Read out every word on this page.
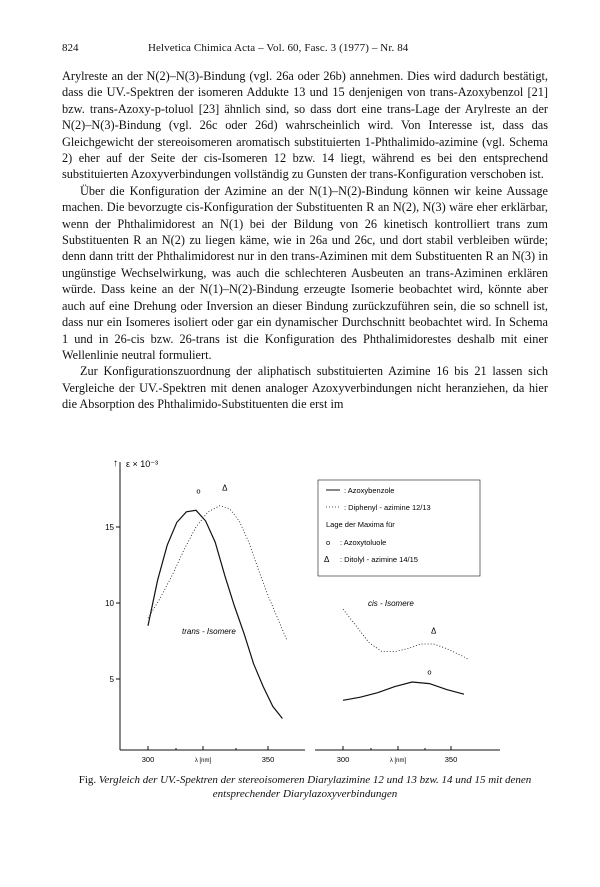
824	Helvetica Chimica Acta – Vol. 60, Fasc. 3 (1977) – Nr. 84

Arylreste an der N(2)–N(3)-Bindung (vgl. 26a oder 26b) annehmen. Dies wird dadurch bestätigt, dass die UV.-Spektren der isomeren Addukte 13 und 15 denjenigen von trans-Azoxybenzol [21] bzw. trans-Azoxy-p-toluol [23] ähnlich sind, so dass dort eine trans-Lage der Arylreste an der N(2)–N(3)-Bindung (vgl. 26c oder 26d) wahrscheinlich wird. Von Interesse ist, dass das Gleichgewicht der stereoisomeren aromatisch substituierten 1-Phthalimido-azimine (vgl. Schema 2) eher auf der Seite der cis-Isomeren 12 bzw. 14 liegt, während es bei den entsprechend substituierten Azoxyverbindungen vollständig zu Gunsten der trans-Konfiguration verschoben ist.

Über die Konfiguration der Azimine an der N(1)–N(2)-Bindung können wir keine Aussage machen. Die bevorzugte cis-Konfiguration der Substituenten R an N(2), N(3) wäre eher erklärbar, wenn der Phthalimidorest an N(1) bei der Bildung von 26 kinetisch kontrolliert trans zum Substituenten R an N(2) zu liegen käme, wie in 26a und 26c, und dort stabil verbleiben würde; denn dann tritt der Phthalimidorest nur in den trans-Aziminen mit dem Substituenten R an N(3) in ungünstige Wechselwirkung, was auch die schlechteren Ausbeuten an trans-Aziminen erklären würde. Dass keine an der N(1)–N(2)-Bindung erzeugte Isomerie beobachtet wird, könnte aber auch auf eine Drehung oder Inversion an dieser Bindung zurückzuführen sein, die so schnell ist, dass nur ein Isomeres isoliert oder gar ein dynamischer Durchschnitt beobachtet wird. In Schema 1 und in 26-cis bzw. 26-trans ist die Konfiguration des Phthalimidorestes deshalb mit einer Wellenlinie neutral formuliert.

Zur Konfigurationszuordnung der aliphatisch substituierten Azimine 16 bis 21 lassen sich Vergleiche der UV.-Spektren mit denen analoger Azoxyverbindungen nicht heranziehen, da hier die Absorption des Phthalimido-Substituenten die erst im

↑ ε × 10⁻³
15
10
5
300	λ [nm]	350	300	λ [nm]	350
trans - Isomere
cis - Isomere
: Azoxybenzole
: Diphenyl - azimine 12/13
Lage der Maxima für
o : Azoxytoluole
Δ : Ditolyl - azimine 14/15
o	Δ
Δ
o
Fig. Vergleich der UV.-Spektren der stereoisomeren Diarylazimine 12 und 13 bzw. 14 und 15 mit denen entsprechender Diarylazoxyverbindungen
